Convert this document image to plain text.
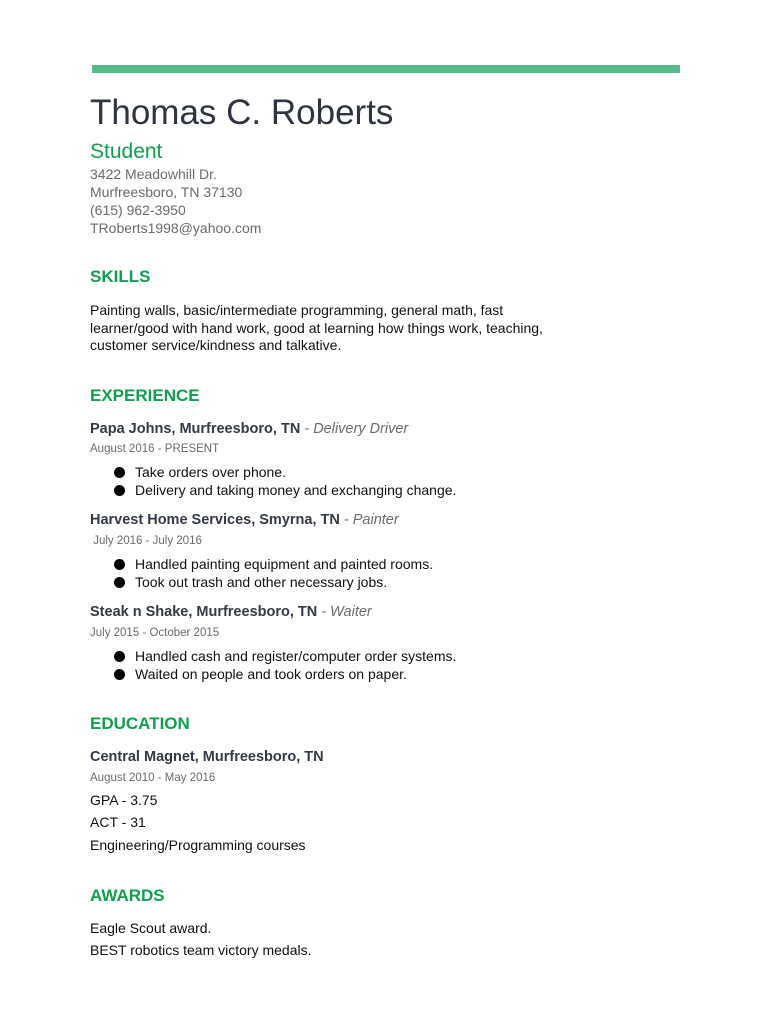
Thomas C. Roberts
Student
3422 Meadowhill Dr.
Murfreesboro, TN 37130
(615) 962-3950
TRoberts1998@yahoo.com
SKILLS
Painting walls, basic/intermediate programming, general math, fast learner/good with hand work, good at learning how things work, teaching, customer service/kindness and talkative.
EXPERIENCE
Papa Johns, Murfreesboro, TN - Delivery Driver
August 2016 - PRESENT
Take orders over phone.
Delivery and taking money and exchanging change.
Harvest Home Services, Smyrna, TN - Painter
July 2016 - July 2016
Handled painting equipment and painted rooms.
Took out trash and other necessary jobs.
Steak n Shake, Murfreesboro, TN - Waiter
July 2015 - October 2015
Handled cash and register/computer order systems.
Waited on people and took orders on paper.
EDUCATION
Central Magnet, Murfreesboro, TN
August 2010 - May 2016
GPA - 3.75
ACT - 31
Engineering/Programming courses
AWARDS
Eagle Scout award.
BEST robotics team victory medals.
